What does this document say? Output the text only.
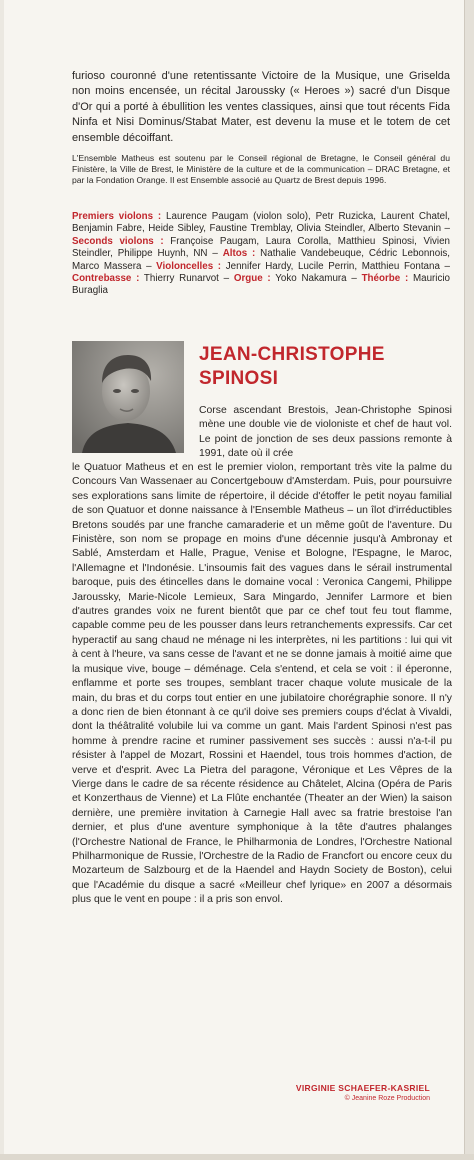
furioso couronné d'une retentissante Victoire de la Musique, une Griselda non moins encensée, un récital Jaroussky (« Heroes ») sacré d'un Disque d'Or qui a porté à ébullition les ventes classiques, ainsi que tout récents Fida Ninfa et Nisi Dominus/Stabat Mater, est devenu la muse et le totem de cet ensemble décoiffant.
L'Ensemble Matheus est soutenu par le Conseil régional de Bretagne, le Conseil général du Finistère, la Ville de Brest, le Ministère de la culture et de la communication – DRAC Bretagne, et par la Fondation Orange. Il est Ensemble associé au Quartz de Brest depuis 1996.
Premiers violons : Laurence Paugam (violon solo), Petr Ruzicka, Laurent Chatel, Benjamin Fabre, Heide Sibley, Faustine Tremblay, Olivia Steindler, Alberto Stevanin – Seconds violons : Françoise Paugam, Laura Corolla, Matthieu Spinosi, Vivien Steindler, Philippe Huynh, NN – Altos : Nathalie Vandebeuque, Cédric Lebonnois, Marco Massera – Violoncelles : Jennifer Hardy, Lucile Perrin, Matthieu Fontana – Contrebasse : Thierry Runarvot – Orgue : Yoko Nakamura – Théorbe : Mauricio Buraglia
JEAN-CHRISTOPHE
SPINOSI
Corse ascendant Brestois, Jean-Christophe Spinosi mène une double vie de violoniste et chef de haut vol. Le point de jonction de ses deux passions remonte à 1991, date où il crée
le Quatuor Matheus et en est le premier violon, remportant très vite la palme du Concours Van Wassenaer au Concertgebouw d'Amsterdam. Puis, pour poursuivre ses explorations sans limite de répertoire, il décide d'étoffer le petit noyau familial de son Quatuor et donne naissance à l'Ensemble Matheus – un îlot d'irréductibles Bretons soudés par une franche camaraderie et un même goût de l'aventure. Du Finistère, son nom se propage en moins d'une décennie jusqu'à Ambronay et Sablé, Amsterdam et Halle, Prague, Venise et Bologne, l'Espagne, le Maroc, l'Allemagne et l'Indonésie. L'insoumis fait des vagues dans le sérail instrumental baroque, puis des étincelles dans le domaine vocal : Veronica Cangemi, Philippe Jaroussky, Marie-Nicole Lemieux, Sara Mingardo, Jennifer Larmore et bien d'autres grandes voix ne furent bientôt que par ce chef tout feu tout flamme, capable comme peu de les pousser dans leurs retranchements expressifs. Car cet hyperactif au sang chaud ne ménage ni les interprètes, ni les partitions : lui qui vit à cent à l'heure, va sans cesse de l'avant et ne se donne jamais à moitié aime que la musique vive, bouge – déménage. Cela s'entend, et cela se voit : il éperonne, enflamme et porte ses troupes, semblant tracer chaque volute musicale de la main, du bras et du corps tout entier en une jubilatoire chorégraphie sonore. Il n'y a donc rien de bien étonnant à ce qu'il doive ses premiers coups d'éclat à Vivaldi, dont la théâtralité volubile lui va comme un gant. Mais l'ardent Spinosi n'est pas homme à prendre racine et ruminer passivement ses succès : aussi n'a-t-il pu résister à l'appel de Mozart, Rossini et Haendel, tous trois hommes d'action, de verve et d'esprit. Avec La Pietra del paragone, Véronique et Les Vêpres de la Vierge dans le cadre de sa récente résidence au Châtelet, Alcina (Opéra de Paris et Konzerthaus de Vienne) et La Flûte enchantée (Theater an der Wien) la saison dernière, une première invitation à Carnegie Hall avec sa fratrie brestoise l'an dernier, et plus d'une aventure symphonique à la tête d'autres phalanges (l'Orchestre National de France, le Philharmonia de Londres, l'Orchestre National Philharmonique de Russie, l'Orchestre de la Radio de Francfort ou encore ceux du Mozarteum de Salzbourg et de la Haendel and Haydn Society de Boston), celui que l'Académie du disque a sacré «Meilleur chef lyrique» en 2007 a désormais plus que le vent en poupe : il a pris son envol.
VIRGINIE SCHAEFER-KASRIEL
© Jeanine Roze Production
